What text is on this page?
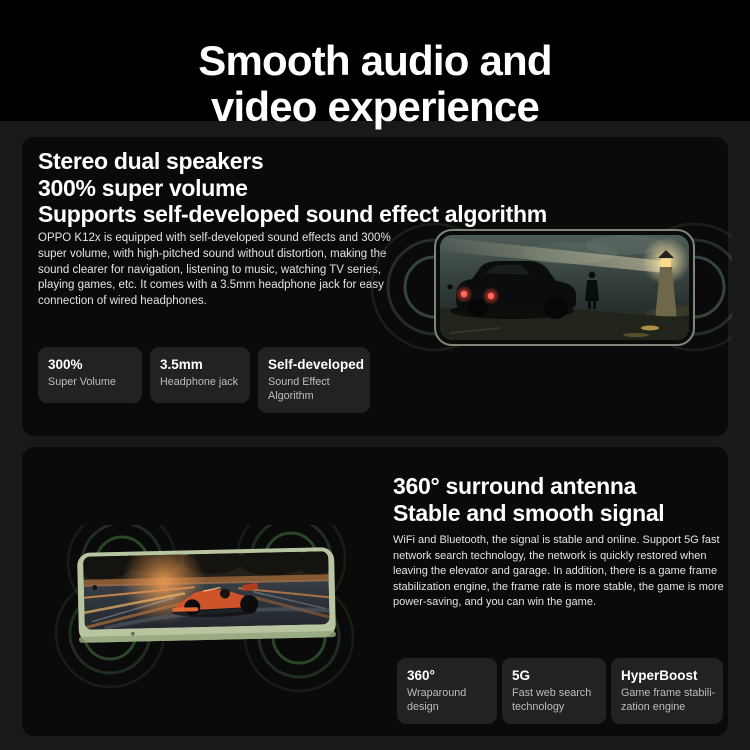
Smooth audio and
video experience
Stereo dual speakers
300% super volume
Supports self-developed sound effect algorithm

OPPO K12x is equipped with self-developed sound effects and 300% super volume, with high-pitched sound without distortion, making the sound clearer for navigation, listening to music, watching TV series, playing games, etc. It comes with a 3.5mm headphone jack for easy connection of wired headphones.

300%
Super Volume
3.5mm
Headphone jack
Self-developed
Sound Effect
Algorithm
360° surround antenna
Stable and smooth signal

WiFi and Bluetooth, the signal is stable and online. Support 5G fast network search technology, the network is quickly restored when leaving the elevator and garage. In addition, there is a game frame stabilization engine, the frame rate is more stable, the game is more power-saving, and you can win the game.

360°
Wraparound
design
5G
Fast web search
technology
HyperBoost
Game frame stabili-
zation engine
